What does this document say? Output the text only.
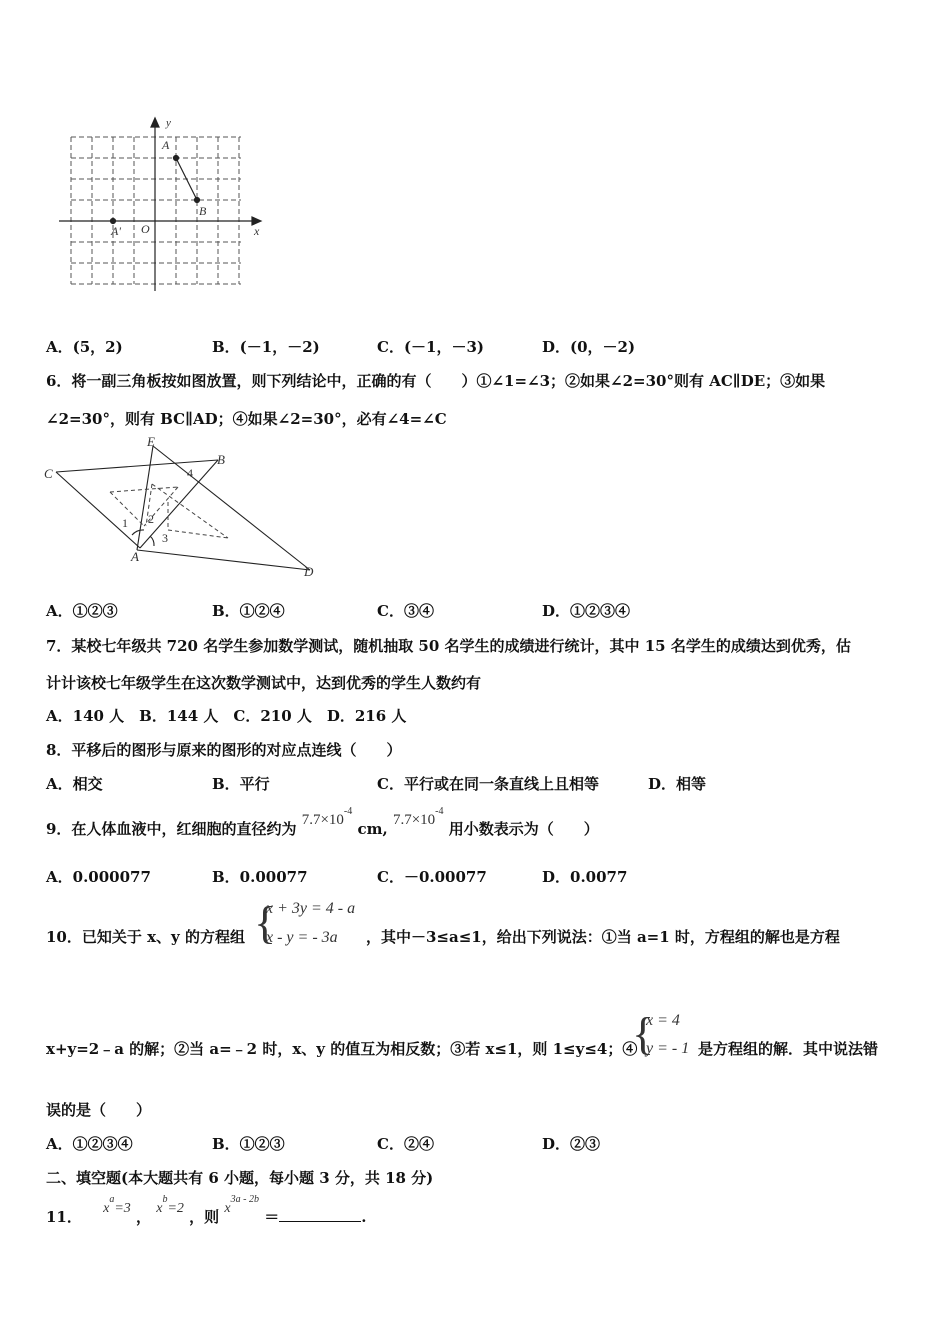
y
x
O
A
B
A'
A．(5，2)	B．(－1，－2)	C．(－1，－3)	D．(0，－2)
6．将一副三角板按如图放置，则下列结论中，正确的有（　　）①∠1=∠3；②如果∠2=30°则有 AC∥DE；③如果
∠2=30°，则有 BC∥AD；④如果∠2=30°，必有∠4=∠C
E
B
C	4
1 2
3
A
D
A．①②③	B．①②④	C．③④	D．①②③④
7．某校七年级共 720 名学生参加数学测试，随机抽取 50 名学生的成绩进行统计，其中 15 名学生的成绩达到优秀，估
计计该校七年级学生在这次数学测试中，达到优秀的学生人数约有
A．140 人　B．144 人　C．210 人　D．216 人
8．平移后的图形与原来的图形的对应点连线（　　）
A．相交	B．平行	C．平行或在同一条直线上且相等	D．相等
9．在人体血液中，红细胞的直径约为 $7.7\times 10^{-4}$ cm, $7.7\times 10^{-4}$ 用小数表示为（　　）
A．0.000077	B．0.00077	C．－0.00077	D．0.0077
10．已知关于 x、y 的方程组 {
x + 3y = 4 - a
x - y = - 3a ，其中－3≤a≤1，给出下列说法：①当 a=1 时，方程组的解也是方程
x+y=2﹣a 的解；②当 a=﹣2 时，x、y 的值互为相反数；③若 x≤1，则 1≤y≤4；④
{
x = 4
y = - 1 是方程组的解．其中说法错
误的是（　　）
A．①②③④	B．①②③	C．②④	D．②③
二、填空题(本大题共有 6 小题，每小题 3 分，共 18 分)
11． $x^a=3$ ， $x^b=2$ ，则 $x^{3a - 2b}$ ＝	.
